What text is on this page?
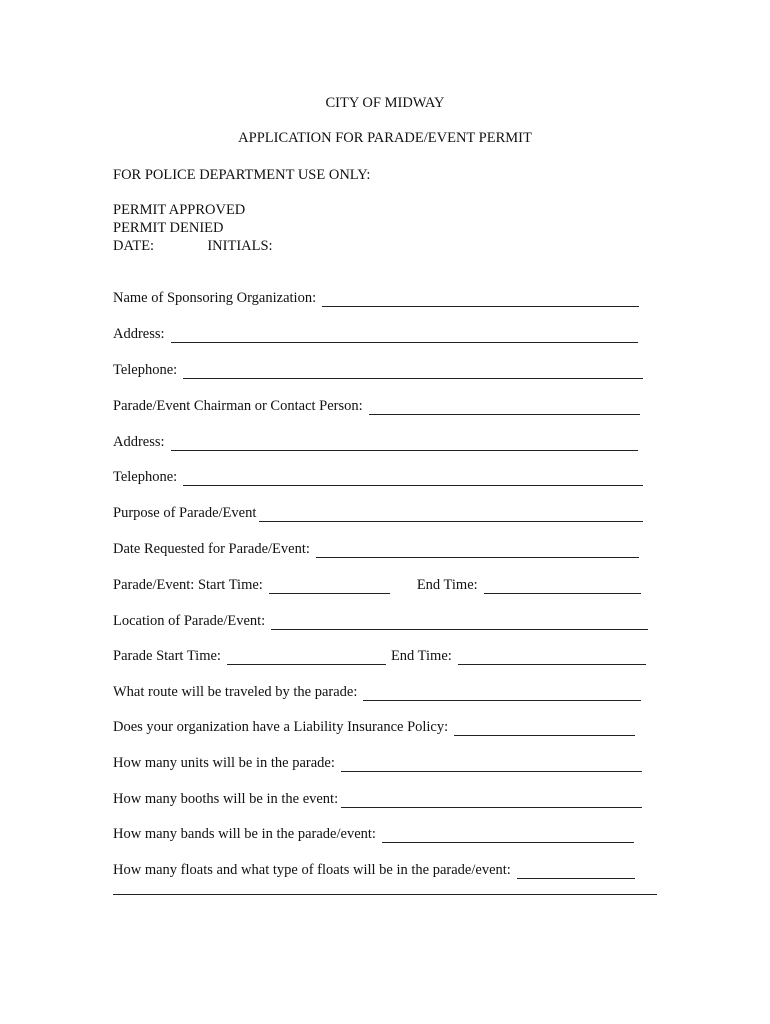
CITY OF MIDWAY
APPLICATION FOR PARADE/EVENT PERMIT
FOR POLICE DEPARTMENT USE ONLY:
PERMIT APPROVED
PERMIT DENIED
DATE:	INITIALS:
Name of Sponsoring Organization:
Address:
Telephone:
Parade/Event Chairman or Contact Person:
Address:
Telephone:
Purpose of Parade/Event
Date Requested for Parade/Event:
Parade/Event: Start Time:	End Time:
Location of Parade/Event:
Parade Start Time:	End Time:
What route will be traveled by the parade:
Does your organization have a Liability Insurance Policy:
How many units will be in the parade:
How many booths will be in the event:
How many bands will be in the parade/event:
How many floats and what type of floats will be in the parade/event:
